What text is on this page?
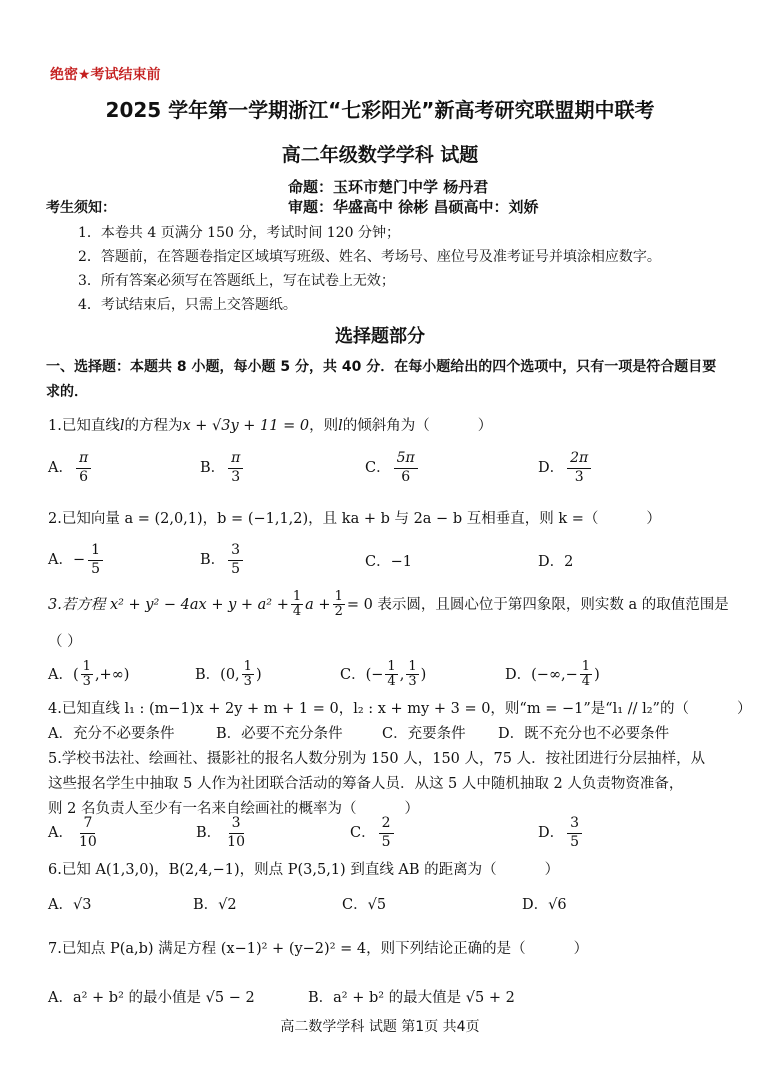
绝密★考试结束前
2025 学年第一学期浙江“七彩阳光”新高考研究联盟期中联考
高二年级数学学科 试题
命题：玉环市楚门中学 杨丹君
审题：华盛高中 徐彬 昌硕高中：刘娇
考生须知：
1．本卷共 4 页满分 150 分，考试时间 120 分钟；
2．答题前，在答题卷指定区域填写班级、姓名、考场号、座位号及准考证号并填涂相应数字。
3．所有答案必须写在答题纸上，写在试卷上无效；
4．考试结束后，只需上交答题纸。
选择题部分
一、选择题：本题共 8 小题，每小题 5 分，共 40 分．在每小题给出的四个选项中，只有一项是符合题目要求的．
1.已知直线l的方程为x + √3y + 11 = 0，则l的倾斜角为（	）
A． $\frac{\pi}{6}$	B． $\frac{\pi}{3}$	C． $\frac{5\pi}{6}$	D． $\frac{2\pi}{3}$
2.已知向量 a = (2,0,1)，b = (−1,1,2)，且 ka + b 与 2a − b 互相垂直，则 k =（	）
A．− $\frac{1}{5}$	B． $\frac{3}{5}$	C．−1	D．2
3.若方程 $x^2 + y^2 - 4ax + y + a^2 + \frac{1}{4}$ $a + \frac{1}{2} = 0$ 表示圆，且圆心位于第四象限，则实数 a 的取值范围是
（ ）
A．( $\frac{1}{3}$ ,+∞)	B．(0, $\frac{1}{3}$ )	C．(− $\frac{1}{4}$ , $\frac{1}{3}$ )	D．(−∞,− $\frac{1}{4}$ )
4.已知直线 l₁ : (m−1)x + 2y + m + 1 = 0，l₂ : x + my + 3 = 0，则“m = −1”是“l₁ // l₂”的（	）
A．充分不必要条件	B．必要不充分条件	C．充要条件 D．既不充分也不必要条件
5.学校书法社、绘画社、摄影社的报名人数分别为 150 人，150 人，75 人．按社团进行分层抽样，从
这些报名学生中抽取 5 人作为社团联合活动的筹备人员．从这 5 人中随机抽取 2 人负责物资准备，
则 2 名负责人至少有一名来自绘画社的概率为（	）
A． $\frac{7}{10}$	B． $\frac{3}{10}$	C． $\frac{2}{5}$	D． $\frac{3}{5}$
6.已知 A(1,3,0)，B(2,4,−1)，则点 P(3,5,1) 到直线 AB 的距离为（	）
A．√3	B．√2	C．√5	D．√6
7.已知点 P(a,b) 满足方程 (x−1)² + (y−2)² = 4，则下列结论正确的是（	）
A．a² + b² 的最小值是 √5 − 2	B．a² + b² 的最大值是 √5 + 2
高二数学学科 试题 第1页 共4页
